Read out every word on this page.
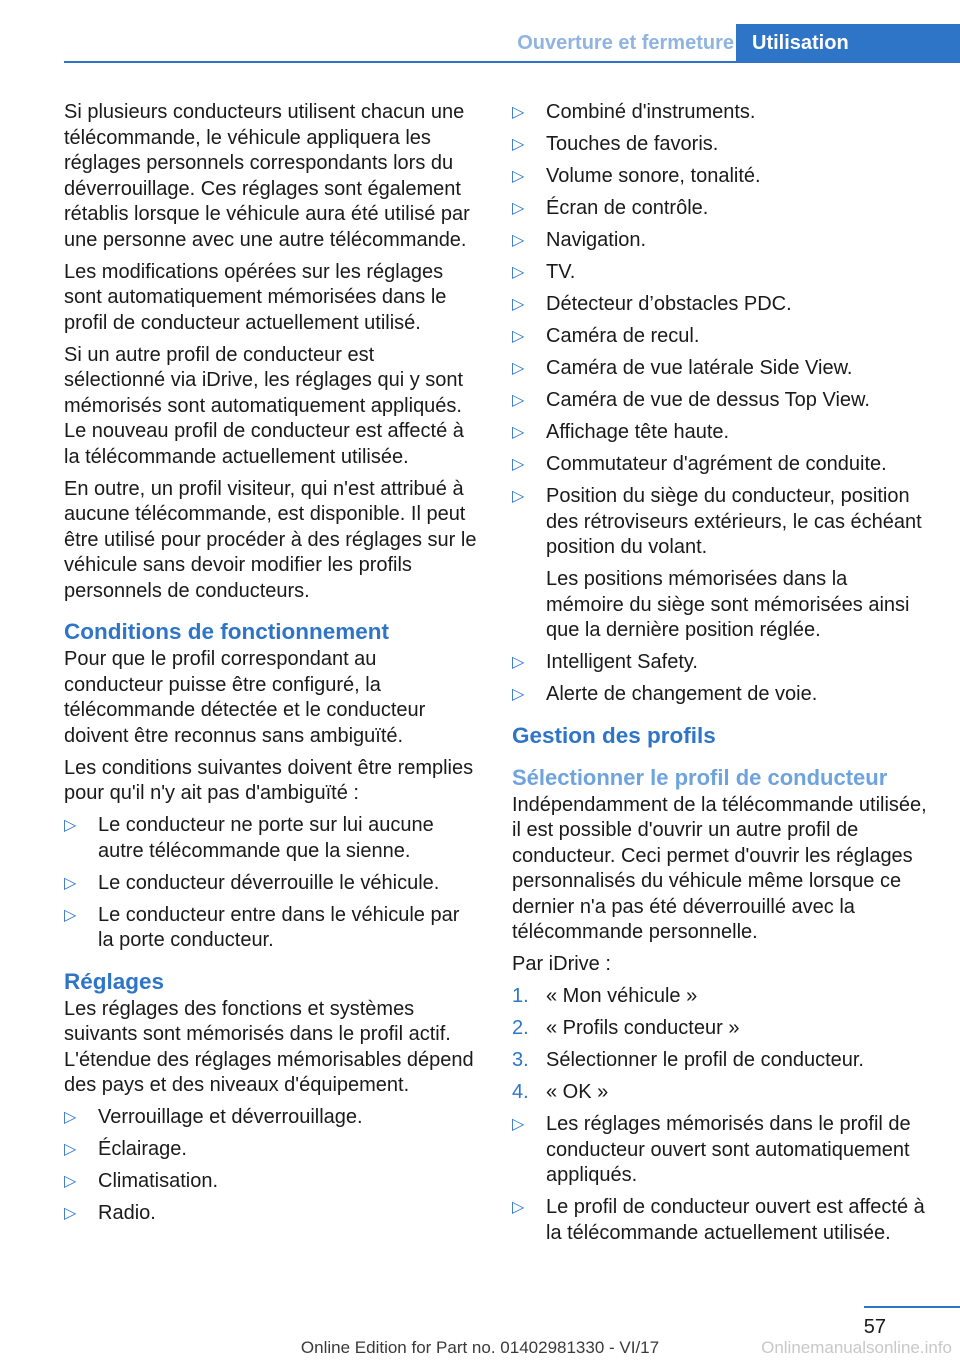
Ouverture et fermeture Utilisation

Si plusieurs conducteurs utilisent chacun une télécommande, le véhicule appliquera les réglages personnels correspondants lors du déverrouillage. Ces réglages sont également rétablis lorsque le véhicule aura été utilisé par une personne avec une autre télécommande.

Les modifications opérées sur les réglages sont automatiquement mémorisées dans le profil de conducteur actuellement utilisé.

Si un autre profil de conducteur est sélectionné via iDrive, les réglages qui y sont mémorisés sont automatiquement appliqués. Le nouveau profil de conducteur est affecté à la télécommande actuellement utilisée.

En outre, un profil visiteur, qui n'est attribué à aucune télécommande, est disponible. Il peut être utilisé pour procéder à des réglages sur le véhicule sans devoir modifier les profils personnels de conducteurs.

Conditions de fonctionnement

Pour que le profil correspondant au conducteur puisse être configuré, la télécommande détectée et le conducteur doivent être reconnus sans ambiguïté.

Les conditions suivantes doivent être remplies pour qu'il n'y ait pas d'ambiguïté :

▷	Le conducteur ne porte sur lui aucune autre télécommande que la sienne.
▷	Le conducteur déverrouille le véhicule.
▷	Le conducteur entre dans le véhicule par la porte conducteur.
Réglages

Les réglages des fonctions et systèmes suivants sont mémorisés dans le profil actif. L'étendue des réglages mémorisables dépend des pays et des niveaux d'équipement.

▷	Verrouillage et déverrouillage.
▷	Éclairage.
▷	Climatisation.
▷	Radio.
▷	Combiné d'instruments.
▷	Touches de favoris.
▷	Volume sonore, tonalité.
▷	Écran de contrôle.
▷	Navigation.
▷	TV.
▷	Détecteur d’obstacles PDC.
▷	Caméra de recul.
▷	Caméra de vue latérale Side View.
▷	Caméra de vue de dessus Top View.
▷	Affichage tête haute.
▷	Commutateur d'agrément de conduite.
▷	Position du siège du conducteur, position des rétroviseurs extérieurs, le cas échéant position du volant.
Les positions mémorisées dans la mémoire du siège sont mémorisées ainsi que la dernière position réglée.
▷	Intelligent Safety.
▷	Alerte de changement de voie.
Gestion des profils
Sélectionner le profil de conducteur

Indépendamment de la télécommande utilisée, il est possible d'ouvrir un autre profil de conducteur. Ceci permet d'ouvrir les réglages personnalisés du véhicule même lorsque ce dernier n'a pas été déverrouillé avec la télécommande personnelle.

Par iDrive :

1. « Mon véhicule »
2. « Profils conducteur »
3. Sélectionner le profil de conducteur.
4. « OK »
▷	Les réglages mémorisés dans le profil de conducteur ouvert sont automatiquement appliqués.
▷	Le profil de conducteur ouvert est affecté à la télécommande actuellement utilisée.
57
Online Edition for Part no. 01402981330 - VI/17	Onlinemanualsonline.info
